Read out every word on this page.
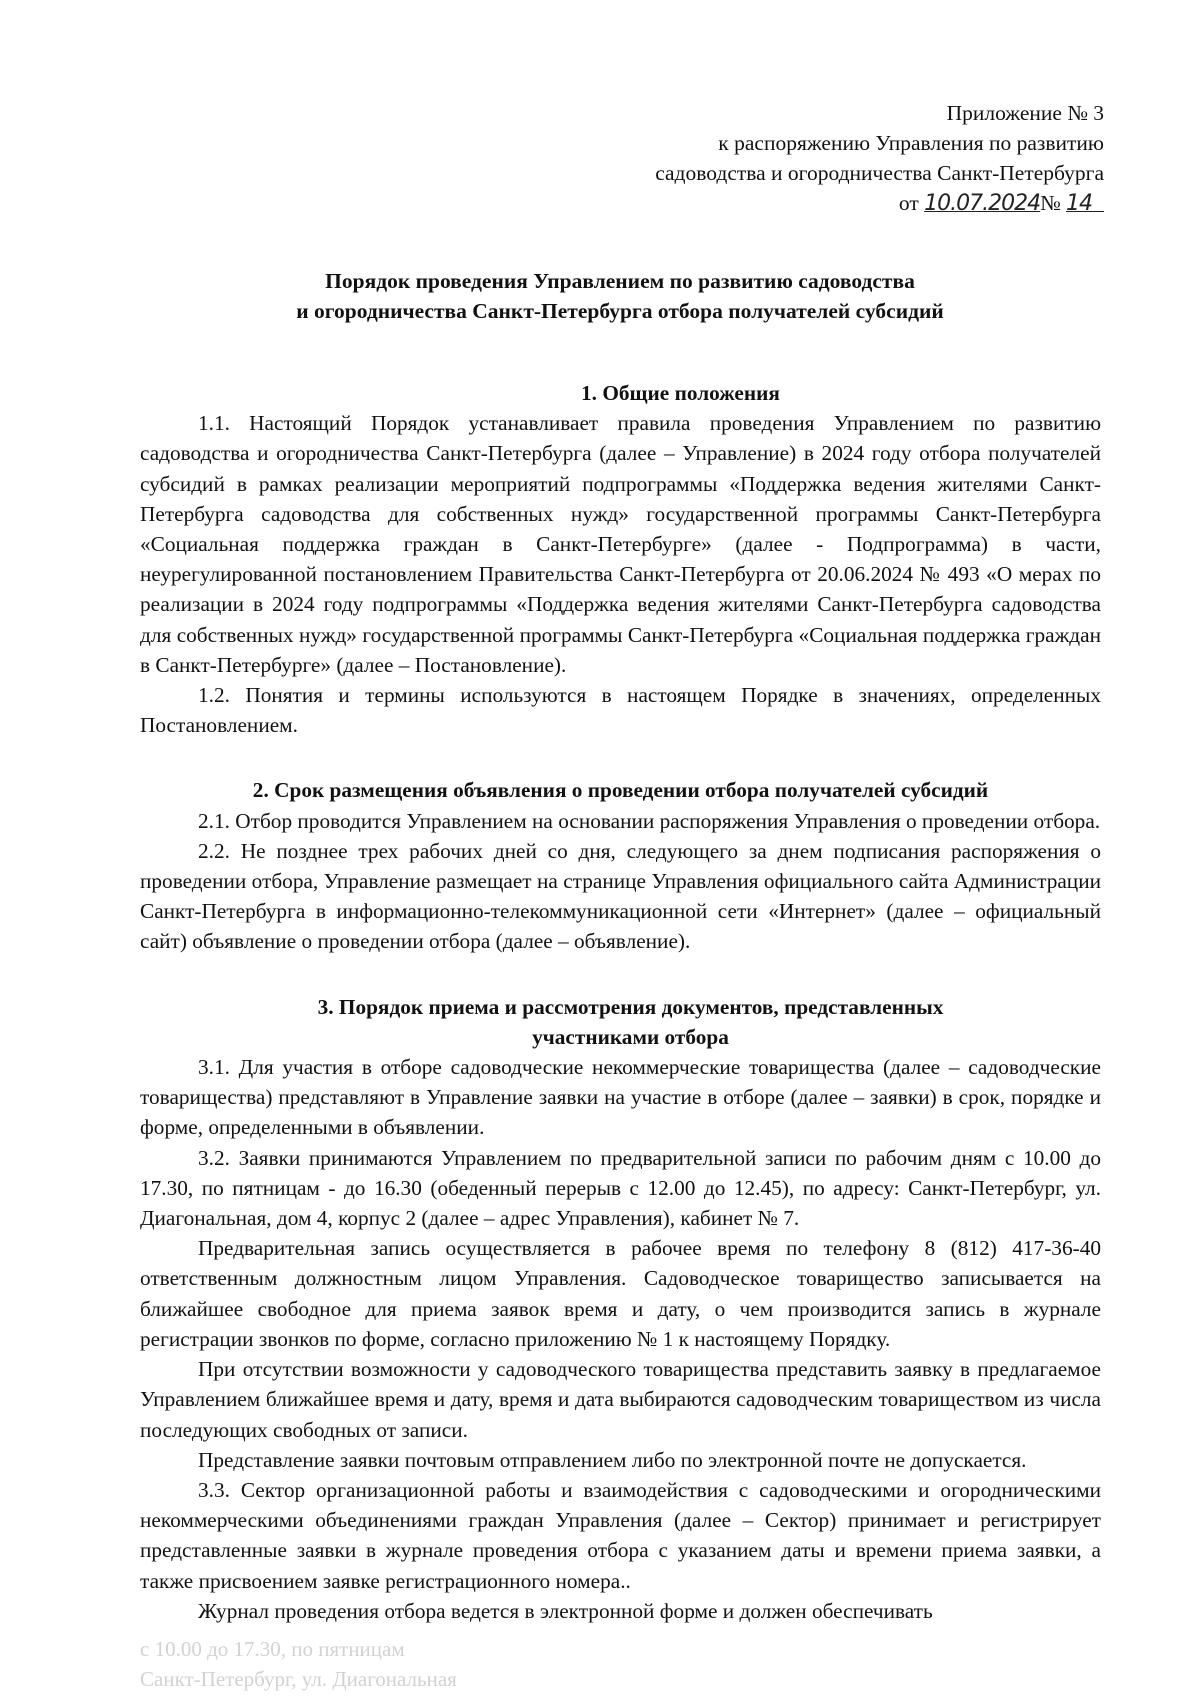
Приложение № 3
к распоряжению Управления по развитию
садоводства и огородничества Санкт-Петербурга
от 10.07.2024№ 14
Порядок проведения Управлением по развитию садоводства
и огородничества Санкт-Петербурга отбора получателей субсидий
1. Общие положения

1.1. Настоящий Порядок устанавливает правила проведения Управлением по развитию садоводства и огородничества Санкт-Петербурга (далее – Управление) в 2024 году отбора получателей субсидий в рамках реализации мероприятий подпрограммы «Поддержка ведения жителями Санкт-Петербурга садоводства для собственных нужд» государственной программы Санкт-Петербурга «Социальная поддержка граждан в Санкт-Петербурге» (далее - Подпрограмма) в части, неурегулированной постановлением Правительства Санкт-Петербурга от 20.06.2024 № 493 «О мерах по реализации в 2024 году подпрограммы «Поддержка ведения жителями Санкт-Петербурга садоводства для собственных нужд» государственной программы Санкт-Петербурга «Социальная поддержка граждан в Санкт-Петербурге» (далее – Постановление).

1.2. Понятия и термины используются в настоящем Порядке в значениях, определенных Постановлением.

2. Срок размещения объявления о проведении отбора получателей субсидий

2.1. Отбор проводится Управлением на основании распоряжения Управления о проведении отбора.

2.2. Не позднее трех рабочих дней со дня, следующего за днем подписания распоряжения о проведении отбора, Управление размещает на странице Управления официального сайта Администрации Санкт-Петербурга в информационно-телекоммуникационной сети «Интернет» (далее – официальный сайт) объявление о проведении отбора (далее – объявление).

3. Порядок приема и рассмотрения документов, представленных
участниками отбора

3.1. Для участия в отборе садоводческие некоммерческие товарищества (далее – садоводческие товарищества) представляют в Управление заявки на участие в отборе (далее – заявки) в срок, порядке и форме, определенными в объявлении.

3.2. Заявки принимаются Управлением по предварительной записи по рабочим дням с 10.00 до 17.30, по пятницам - до 16.30 (обеденный перерыв с 12.00 до 12.45), по адресу: Санкт-Петербург, ул. Диагональная, дом 4, корпус 2 (далее – адрес Управления), кабинет № 7.

Предварительная запись осуществляется в рабочее время по телефону 8 (812) 417-36-40 ответственным должностным лицом Управления. Садоводческое товарищество записывается на ближайшее свободное для приема заявок время и дату, о чем производится запись в журнале регистрации звонков по форме, согласно приложению № 1 к настоящему Порядку.

При отсутствии возможности у садоводческого товарищества представить заявку в предлагаемое Управлением ближайшее время и дату, время и дата выбираются садоводческим товариществом из числа последующих свободных от записи.

Представление заявки почтовым отправлением либо по электронной почте не допускается.

3.3. Сектор организационной работы и взаимодействия с садоводческими и огородническими некоммерческими объединениями граждан Управления (далее – Сектор) принимает и регистрирует представленные заявки в журнале проведения отбора с указанием даты и времени приема заявки, а также присвоением заявке регистрационного номера..

Журнал проведения отбора ведется в электронной форме и должен обеспечивать

с 10.00 до 17.30, по пятницам
Санкт-Петербург, ул. Диагональная
